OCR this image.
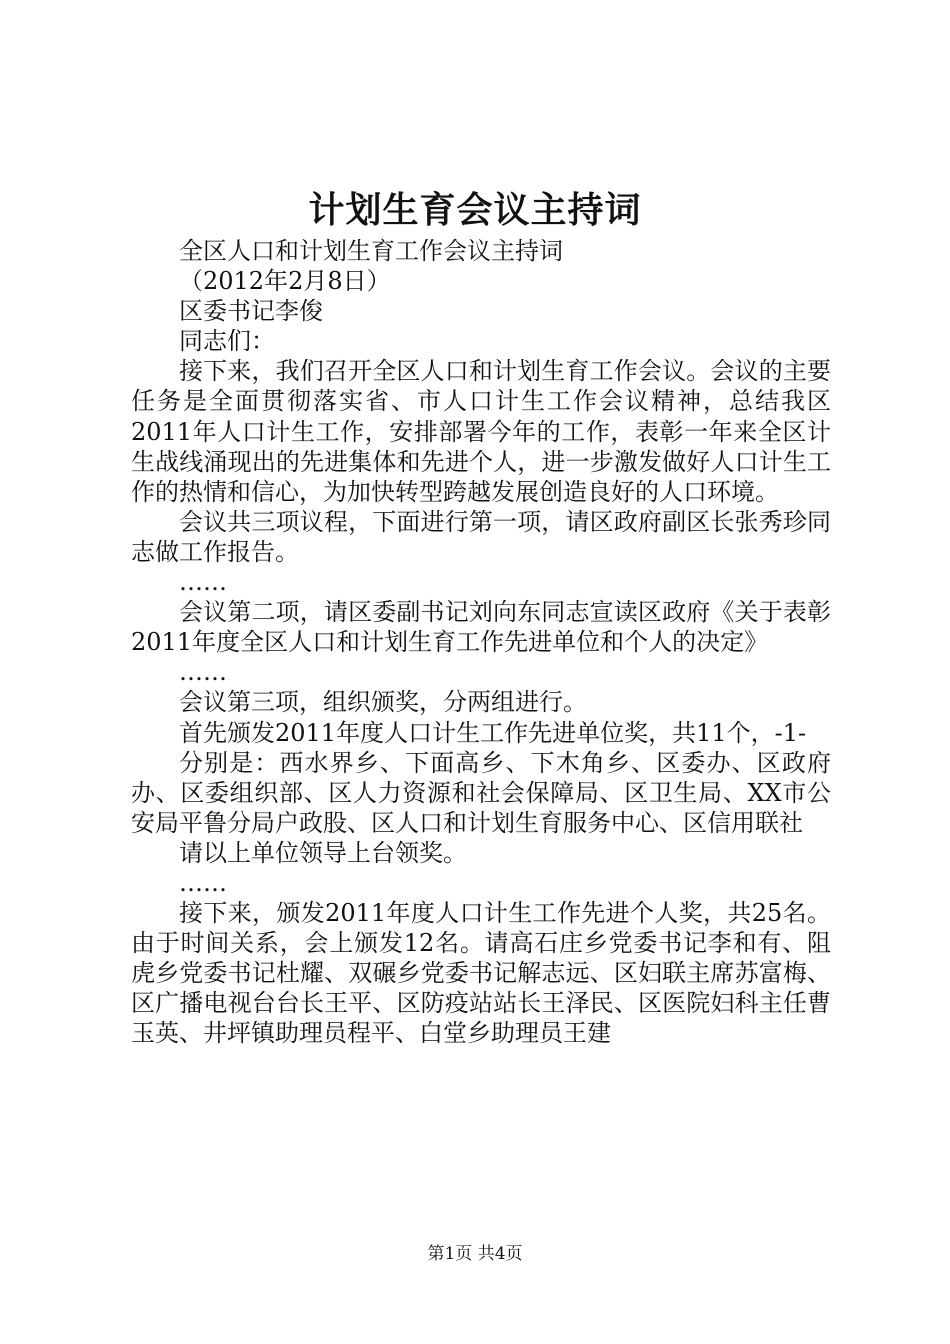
计划生育会议主持词

全区人口和计划生育工作会议主持词

（2012年2月8日）

区委书记李俊

同志们：

接下来，我们召开全区人口和计划生育工作会议。会议的主要任务是全面贯彻落实省、市人口计生工作会议精神，总结我区2011年人口计生工作，安排部署今年的工作，表彰一年来全区计生战线涌现出的先进集体和先进个人，进一步激发做好人口计生工作的热情和信心，为加快转型跨越发展创造良好的人口环境。

会议共三项议程，下面进行第一项，请区政府副区长张秀珍同志做工作报告。

……

会议第二项，请区委副书记刘向东同志宣读区政府《关于表彰2011年度全区人口和计划生育工作先进单位和个人的决定》

……

会议第三项，组织颁奖，分两组进行。

首先颁发2011年度人口计生工作先进单位奖，共11个，-1-

分别是：西水界乡、下面高乡、下木角乡、区委办、区政府办、区委组织部、区人力资源和社会保障局、区卫生局、XX市公安局平鲁分局户政股、区人口和计划生育服务中心、区信用联社

请以上单位领导上台领奖。

……

接下来，颁发2011年度人口计生工作先进个人奖，共25名。由于时间关系，会上颁发12名。请高石庄乡党委书记李和有、阻虎乡党委书记杜耀、双碾乡党委书记解志远、区妇联主席苏富梅、区广播电视台台长王平、区防疫站站长王泽民、区医院妇科主任曹玉英、井坪镇助理员程平、白堂乡助理员王建

第1页 共4页
